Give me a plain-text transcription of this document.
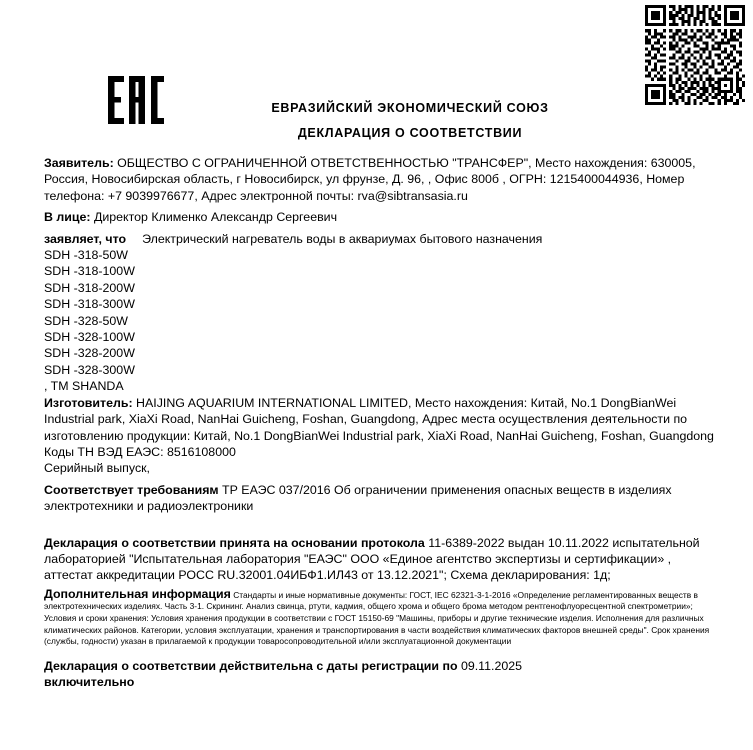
ЕВРАЗИЙСКИЙ ЭКОНОМИЧЕСКИЙ СОЮЗ
ДЕКЛАРАЦИЯ О СООТВЕТСТВИИ

Заявитель: ОБЩЕСТВО С ОГРАНИЧЕННОЙ ОТВЕТСТВЕННОСТЬЮ "ТРАНСФЕР", Место нахождения: 630005, Россия, Новосибирская область, г Новосибирск, ул фрунзе, Д. 96, , Офис 800б , ОГРН: 1215400044936, Номер телефона: +7 9039976677, Адрес электронной почты: rva@sibtransasia.ru

В лице: Директор Клименко Александр Сергеевич

заявляет, что	Электрический нагреватель воды в аквариумах бытового назначения
SDH -318-50W
SDH -318-100W
SDH -318-200W
SDH -318-300W
SDH -328-50W
SDH -328-100W
SDH -328-200W
SDH -328-300W
, TM SHANDA

Изготовитель: HAIJING AQUARIUM INTERNATIONAL LIMITED, Место нахождения: Китай, No.1 DongBianWei Industrial park, XiaXi Road, NanHai Guicheng, Foshan, Guangdong, Адрес места осуществления деятельности по изготовлению продукции: Китай, No.1 DongBianWei Industrial park, XiaXi Road, NanHai Guicheng, Foshan, Guangdong

Коды ТН ВЭД ЕАЭС: 8516108000

Серийный выпуск,

Соответствует требованиям ТР ЕАЭС 037/2016 Об ограничении применения опасных веществ в изделиях электротехники и радиоэлектроники

Декларация о соответствии принята на основании протокола 11-6389-2022 выдан 10.11.2022 испытательной лабораторией "Испытательная лаборатория "ЕАЭС" ООО «Единое агентство экспертизы и сертификации» , аттестат аккредитации РОСС RU.32001.04ИБФ1.ИЛ43 от 13.12.2021"; Схема декларирования: 1д;

Дополнительная информация Стандарты и иные нормативные документы: ГОСТ, IEC 62321-3-1-2016 «Определение регламентированных веществ в электротехнических изделиях. Часть 3-1. Скрининг. Анализ свинца, ртути, кадмия, общего хрома и общего брома методом рентгенофлуоресцентной спектрометрии»; Условия и сроки хранения: Условия хранения продукции в соответствии с ГОСТ 15150-69 "Машины, приборы и другие технические изделия. Исполнения для различных климатических районов. Категории, условия эксплуатации, хранения и транспортирования в части воздействия климатических факторов внешней среды". Срок хранения (службы, годности) указан в прилагаемой к продукции товаросопроводительной и/или эксплуатационной документации

Декларация о соответствии действительна с даты регистрации по 09.11.2025
включительно
